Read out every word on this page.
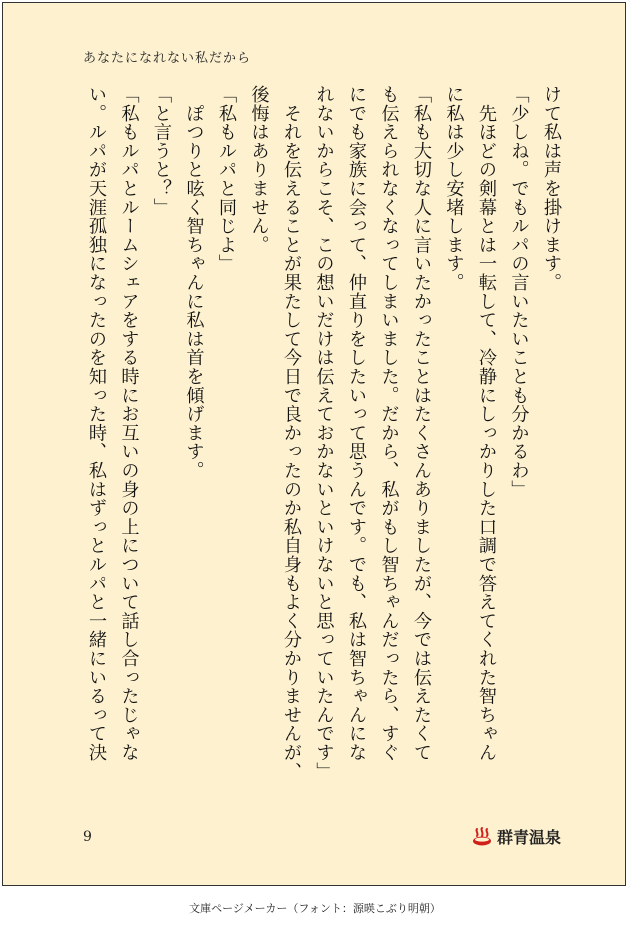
あなたになれない私だから

けて私は声を掛けます。

「少しね。でもルパの言いたいことも分かるわ」

　先ほどの剣幕とは一転して、冷静にしっかりした口調で答えてくれた智ちゃん

に私は少し安堵します。

「私も大切な人に言いたかったことはたくさんありましたが、今では伝えたくて

も伝えられなくなってしまいました。だから、私がもし智ちゃんだったら、すぐ

にでも家族に会って、仲直りをしたいって思うんです。でも、私は智ちゃんにな

れないからこそ、この想いだけは伝えておかないといけないと思っていたんです」

　それを伝えることが果たして今日で良かったのか私自身もよく分かりませんが、

後悔はありません。

「私もルパと同じよ」

　ぽつりと呟く智ちゃんに私は首を傾げます。

「と言うと？」

「私もルパとルームシェアをする時にお互いの身の上について話し合ったじゃな

い。ルパが天涯孤独になったのを知った時、私はずっとルパと一緒にいるって決

9	群青温泉
文庫ページメーカー（フォント：源暎こぶり明朝）
